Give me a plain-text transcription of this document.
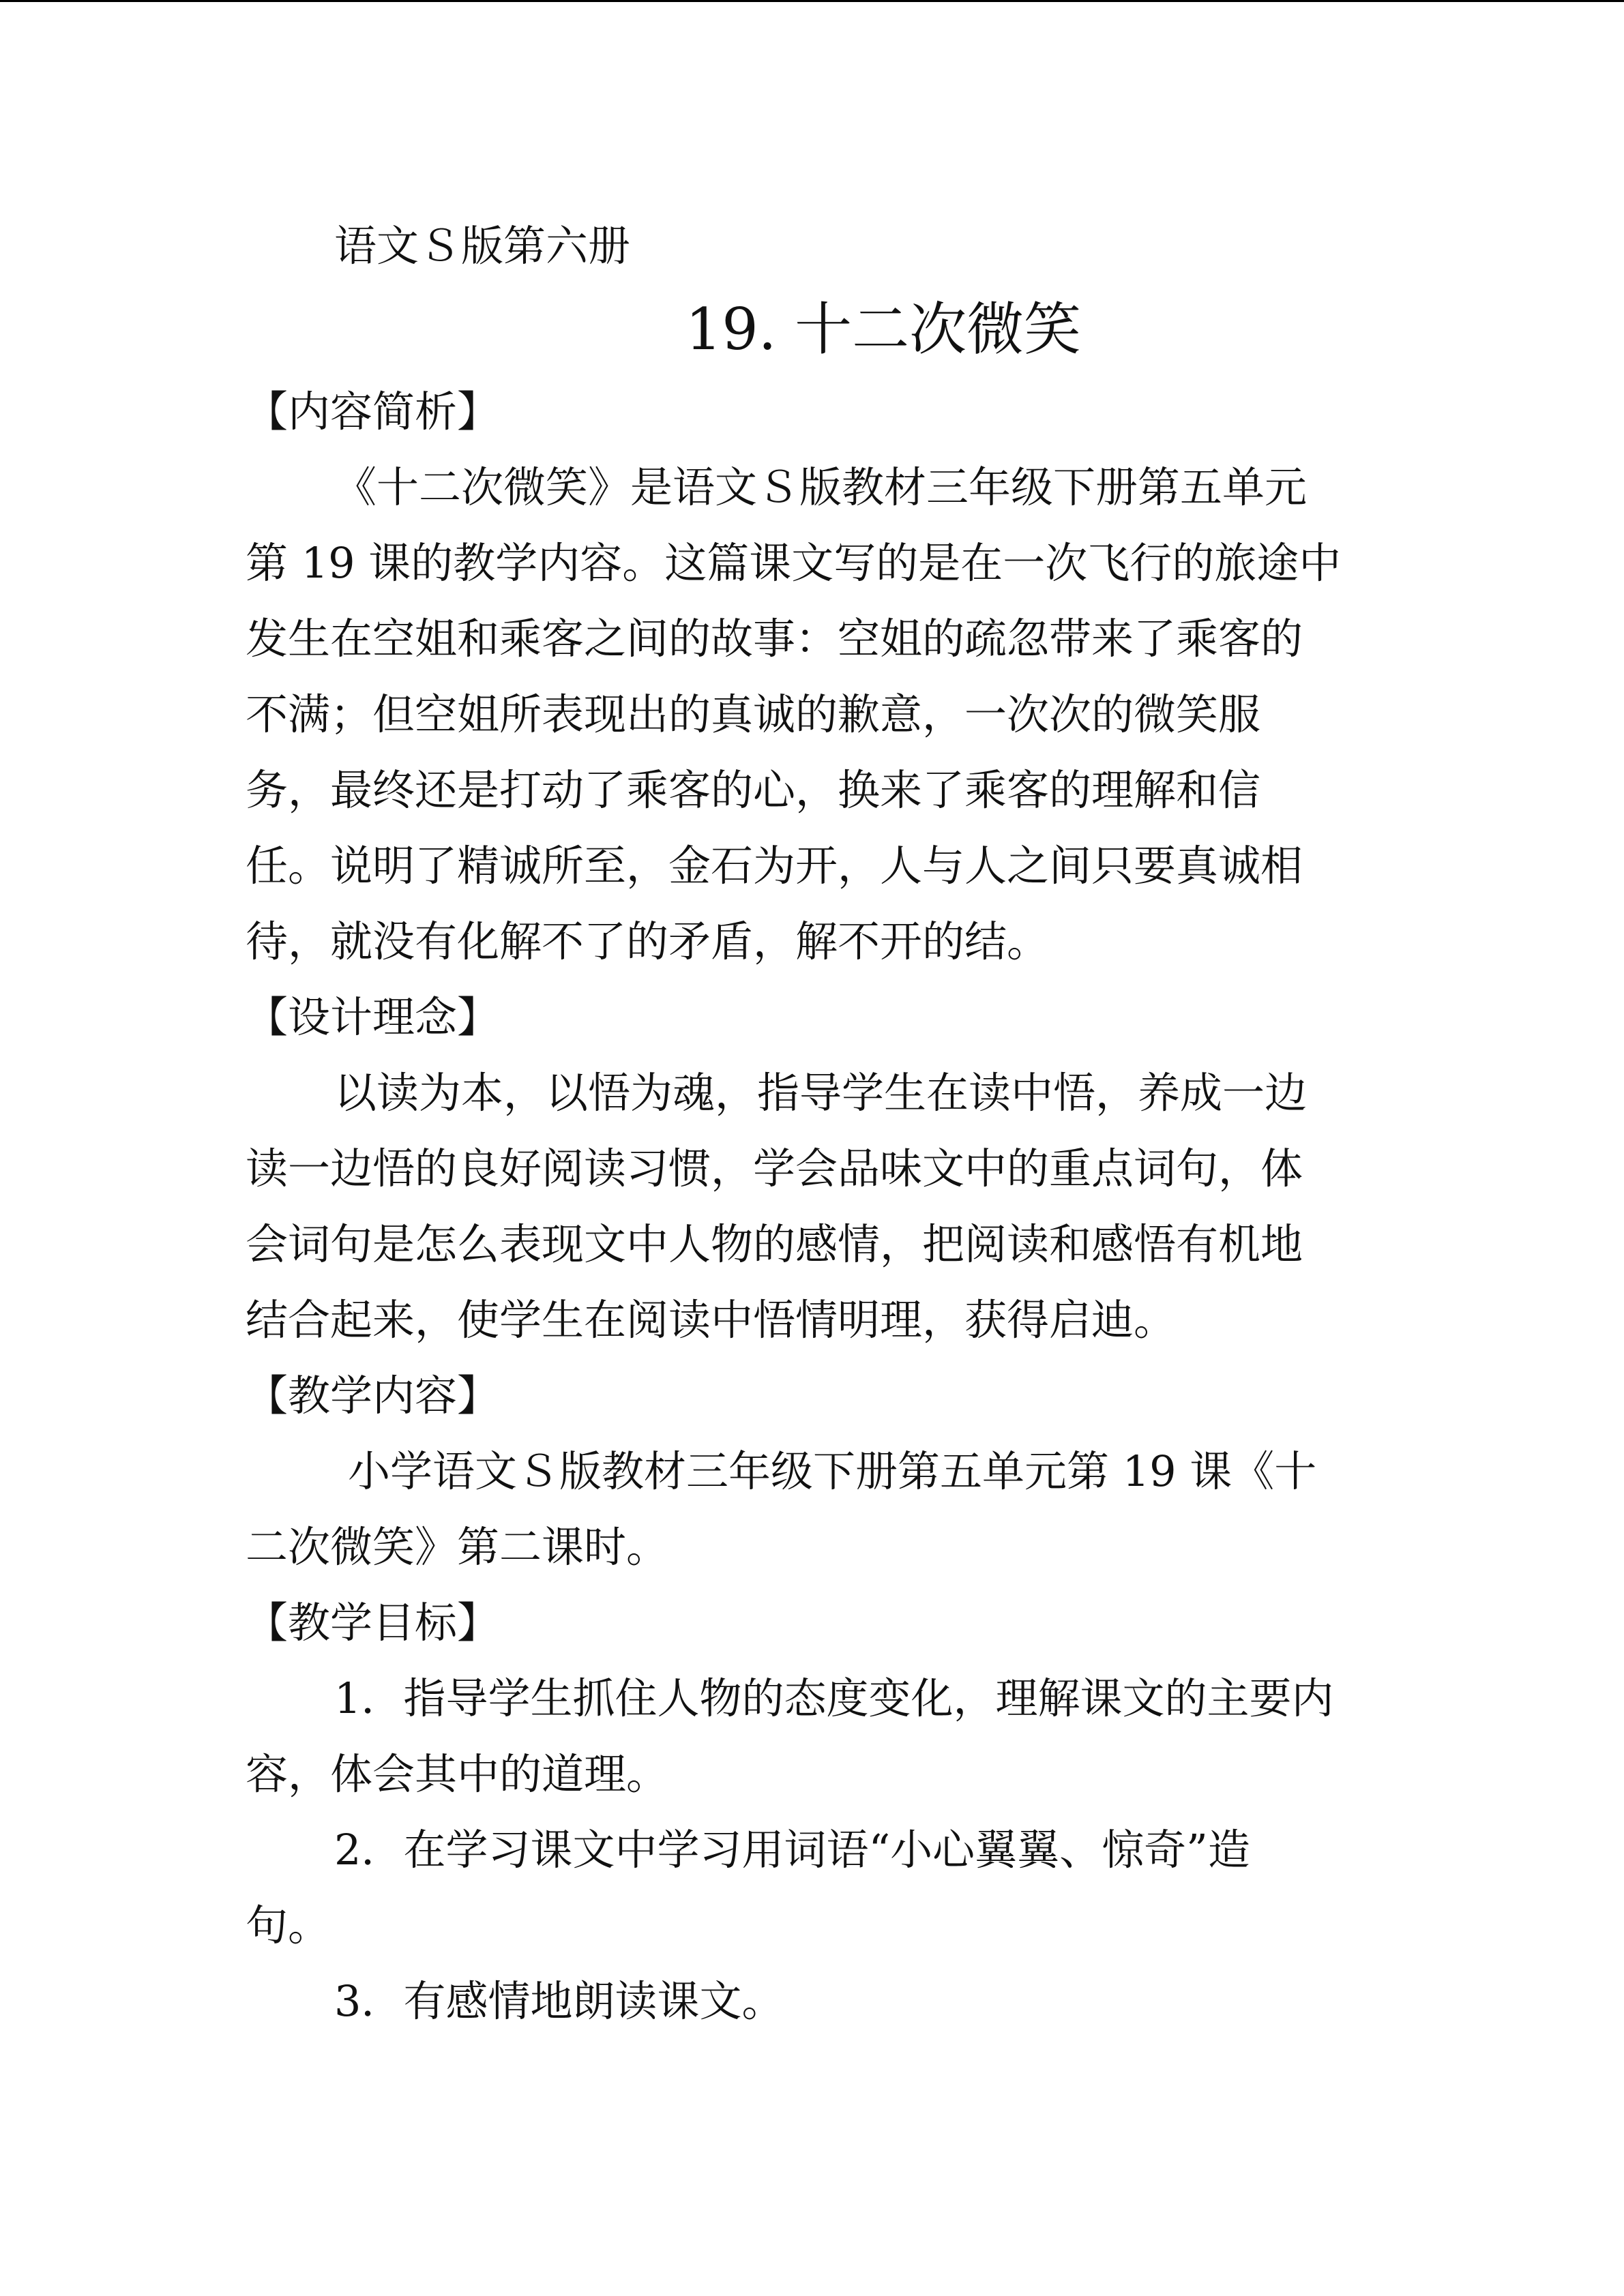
语文Ｓ版第六册
19. 十二次微笑
【内容简析】
《十二次微笑》是语文Ｓ版教材三年级下册第五单元
第 19 课的教学内容。这篇课文写的是在一次飞行的旅途中
发生在空姐和乘客之间的故事：空姐的疏忽带来了乘客的
不满；但空姐所表现出的真诚的歉意，一次次的微笑服
务，最终还是打动了乘客的心，换来了乘客的理解和信
任。说明了精诚所至，金石为开，人与人之间只要真诚相
待，就没有化解不了的矛盾，解不开的结。
【设计理念】
以读为本，以悟为魂，指导学生在读中悟，养成一边
读一边悟的良好阅读习惯，学会品味文中的重点词句，体
会词句是怎么表现文中人物的感情，把阅读和感悟有机地
结合起来，使学生在阅读中悟情明理，获得启迪。
【教学内容】
小学语文Ｓ版教材三年级下册第五单元第 19 课《十
二次微笑》第二课时。
【教学目标】
1．指导学生抓住人物的态度变化，理解课文的主要内
容，体会其中的道理。
2．在学习课文中学习用词语“小心翼翼、惊奇”造
句。
3．有感情地朗读课文。
